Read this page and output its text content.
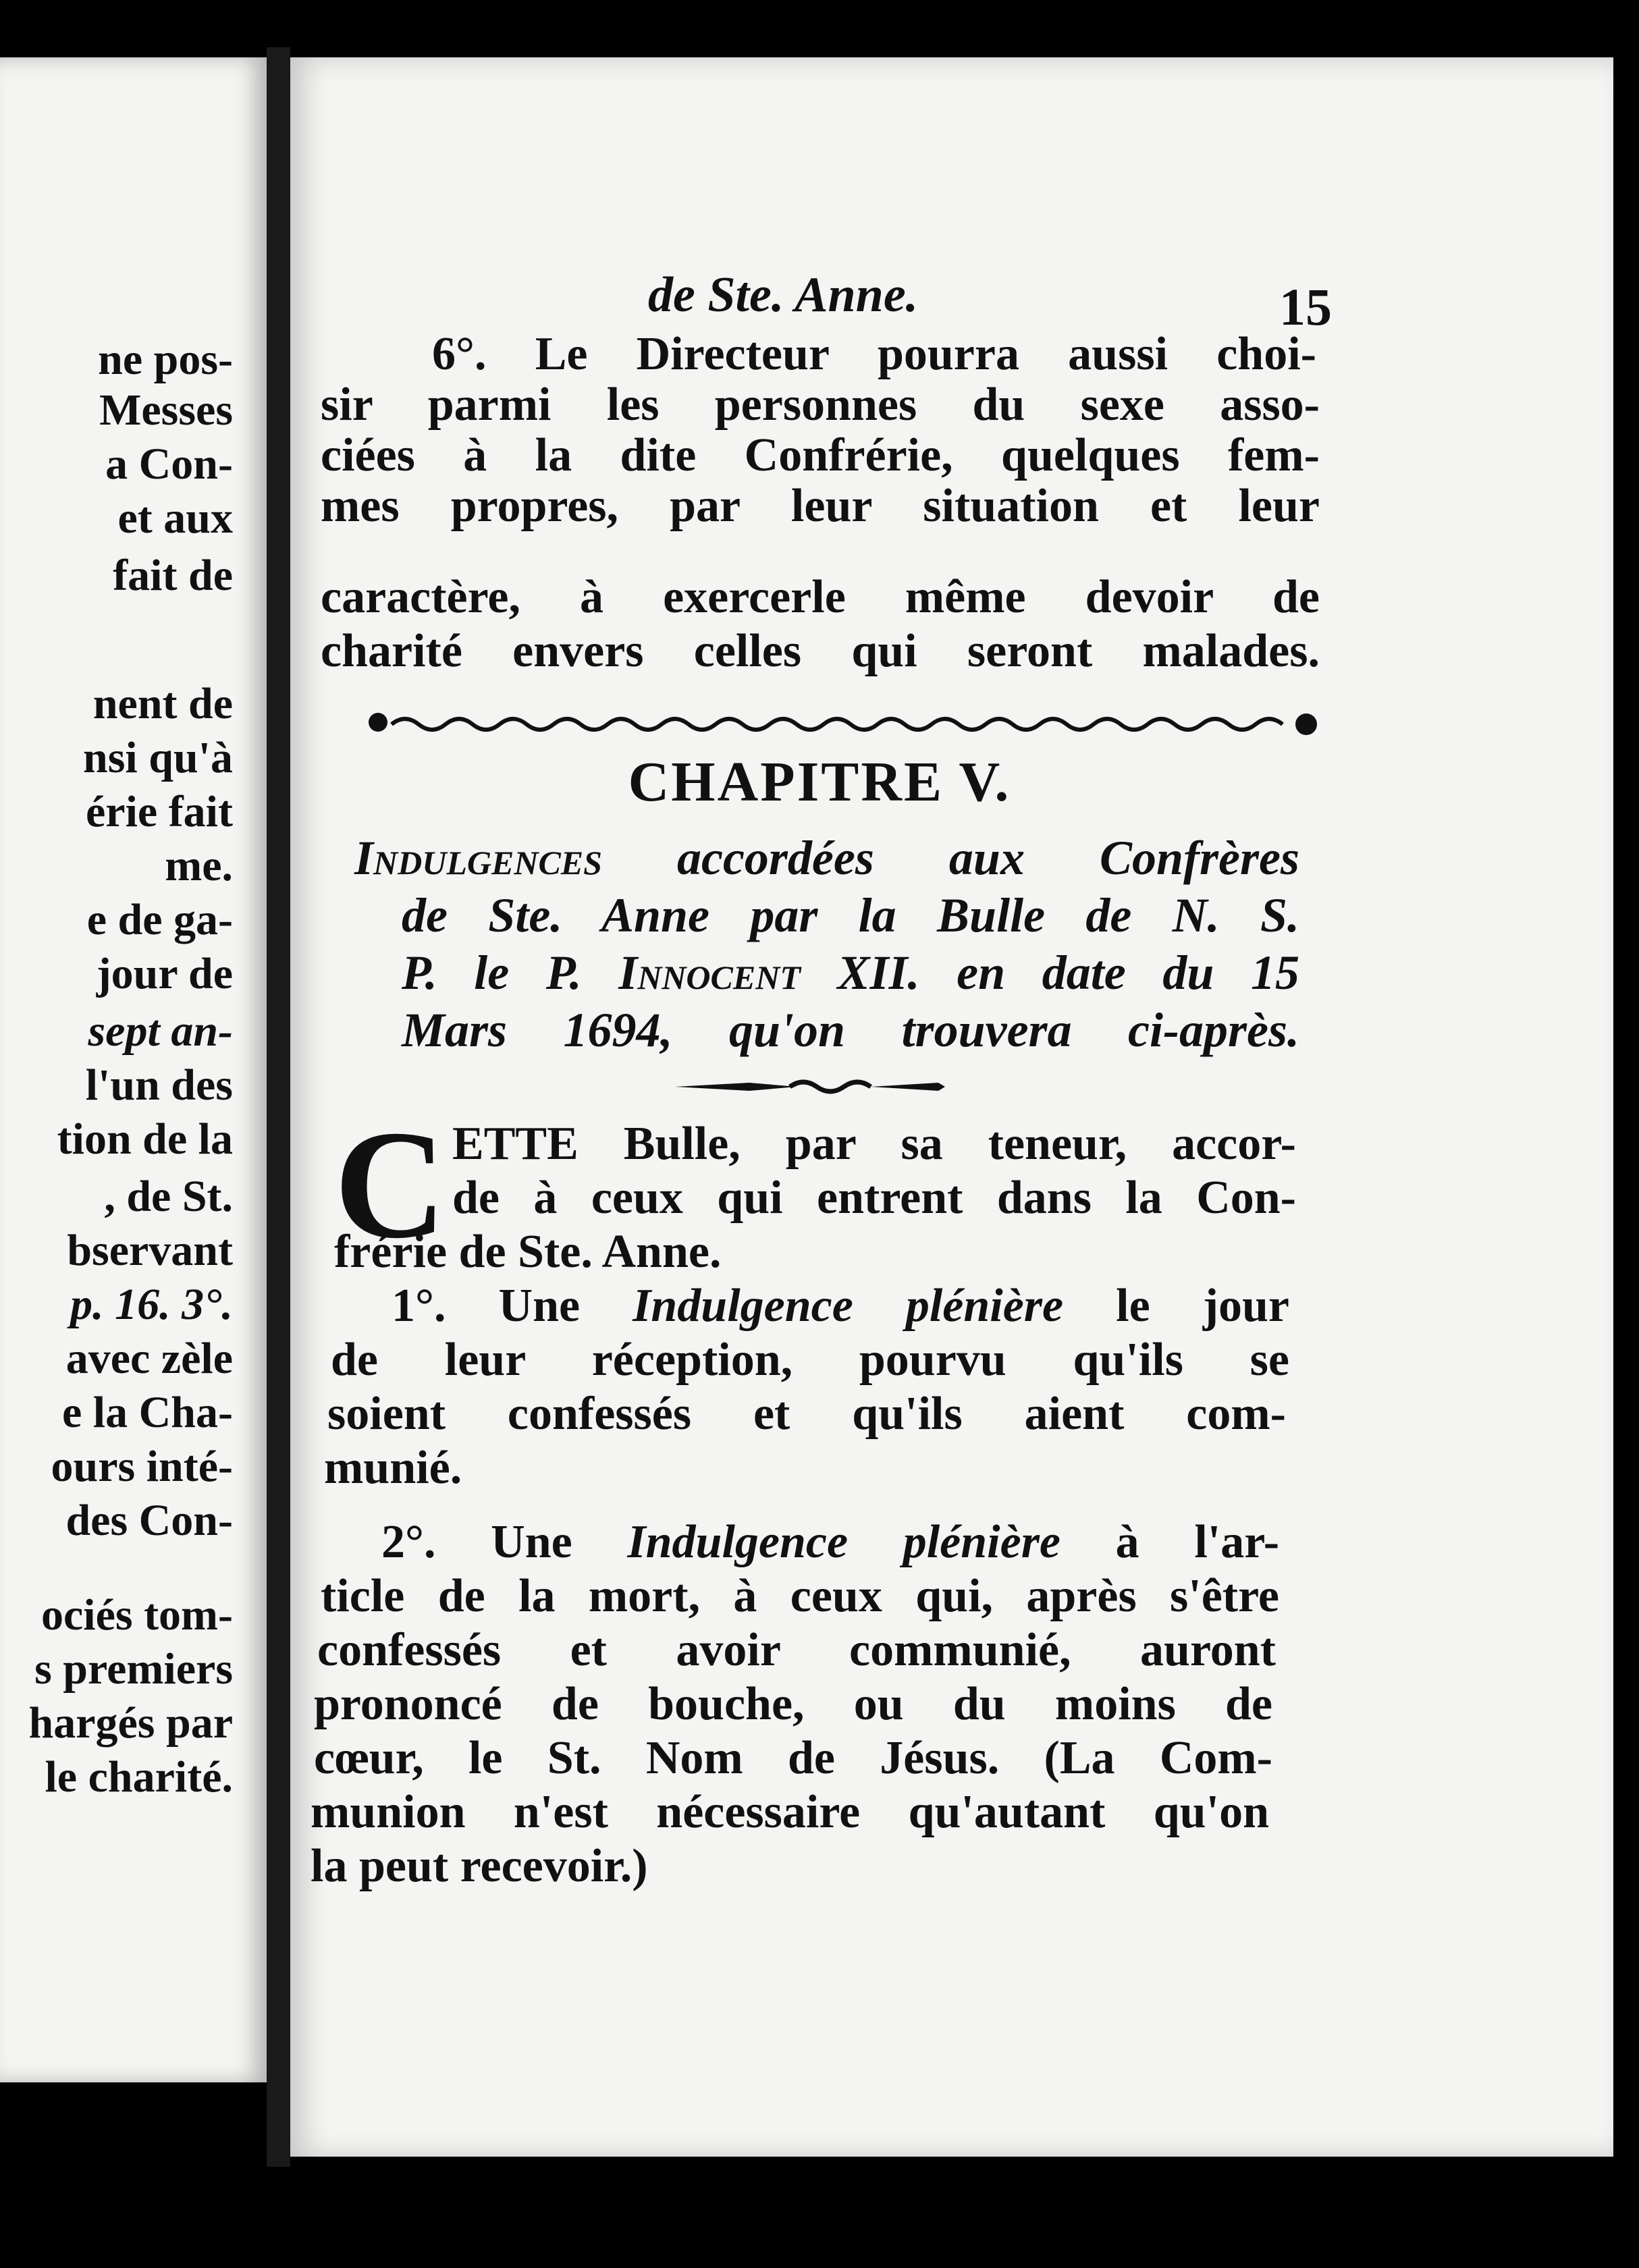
ne pos-
Messes
a Con-
et aux
fait de
nent de
nsi qu'à
érie fait
me.
e de ga-
jour de
sept an-
l'un des
tion de la
, de St.
bservant
p. 16. 3°.
avec zèle
e la Cha-
ours inté-
des Con-
ociés tom-
s premiers
hargés par
le charité.
de Ste. Anne.	15
6°. Le Directeur pourra aussi choi-
sir parmi les personnes du sexe asso-
ciées à la dite Confrérie, quelques fem-
mes propres, par leur situation et leur
caractère, à exercerle même devoir de
charité envers celles qui seront malades.
CHAPITRE V.
Indulgences accordées aux Confrères
de Ste. Anne par la Bulle de N. S.
P. le P. Innocent XII. en date du 15
Mars 1694, qu'on trouvera ci-après.
C ETTE Bulle, par sa teneur, accor-
de à ceux qui entrent dans la Con-
frérie de Ste. Anne.
1°. Une Indulgence plénière le jour
de leur réception, pourvu qu'ils se
soient confessés et qu'ils aient com-
munié.
2°. Une Indulgence plénière à l'ar-
ticle de la mort, à ceux qui, après s'être
confessés et avoir communié, auront
prononcé de bouche, ou du moins de
cœur, le St. Nom de Jésus. (La Com-
munion n'est nécessaire qu'autant qu'on
la peut recevoir.)
